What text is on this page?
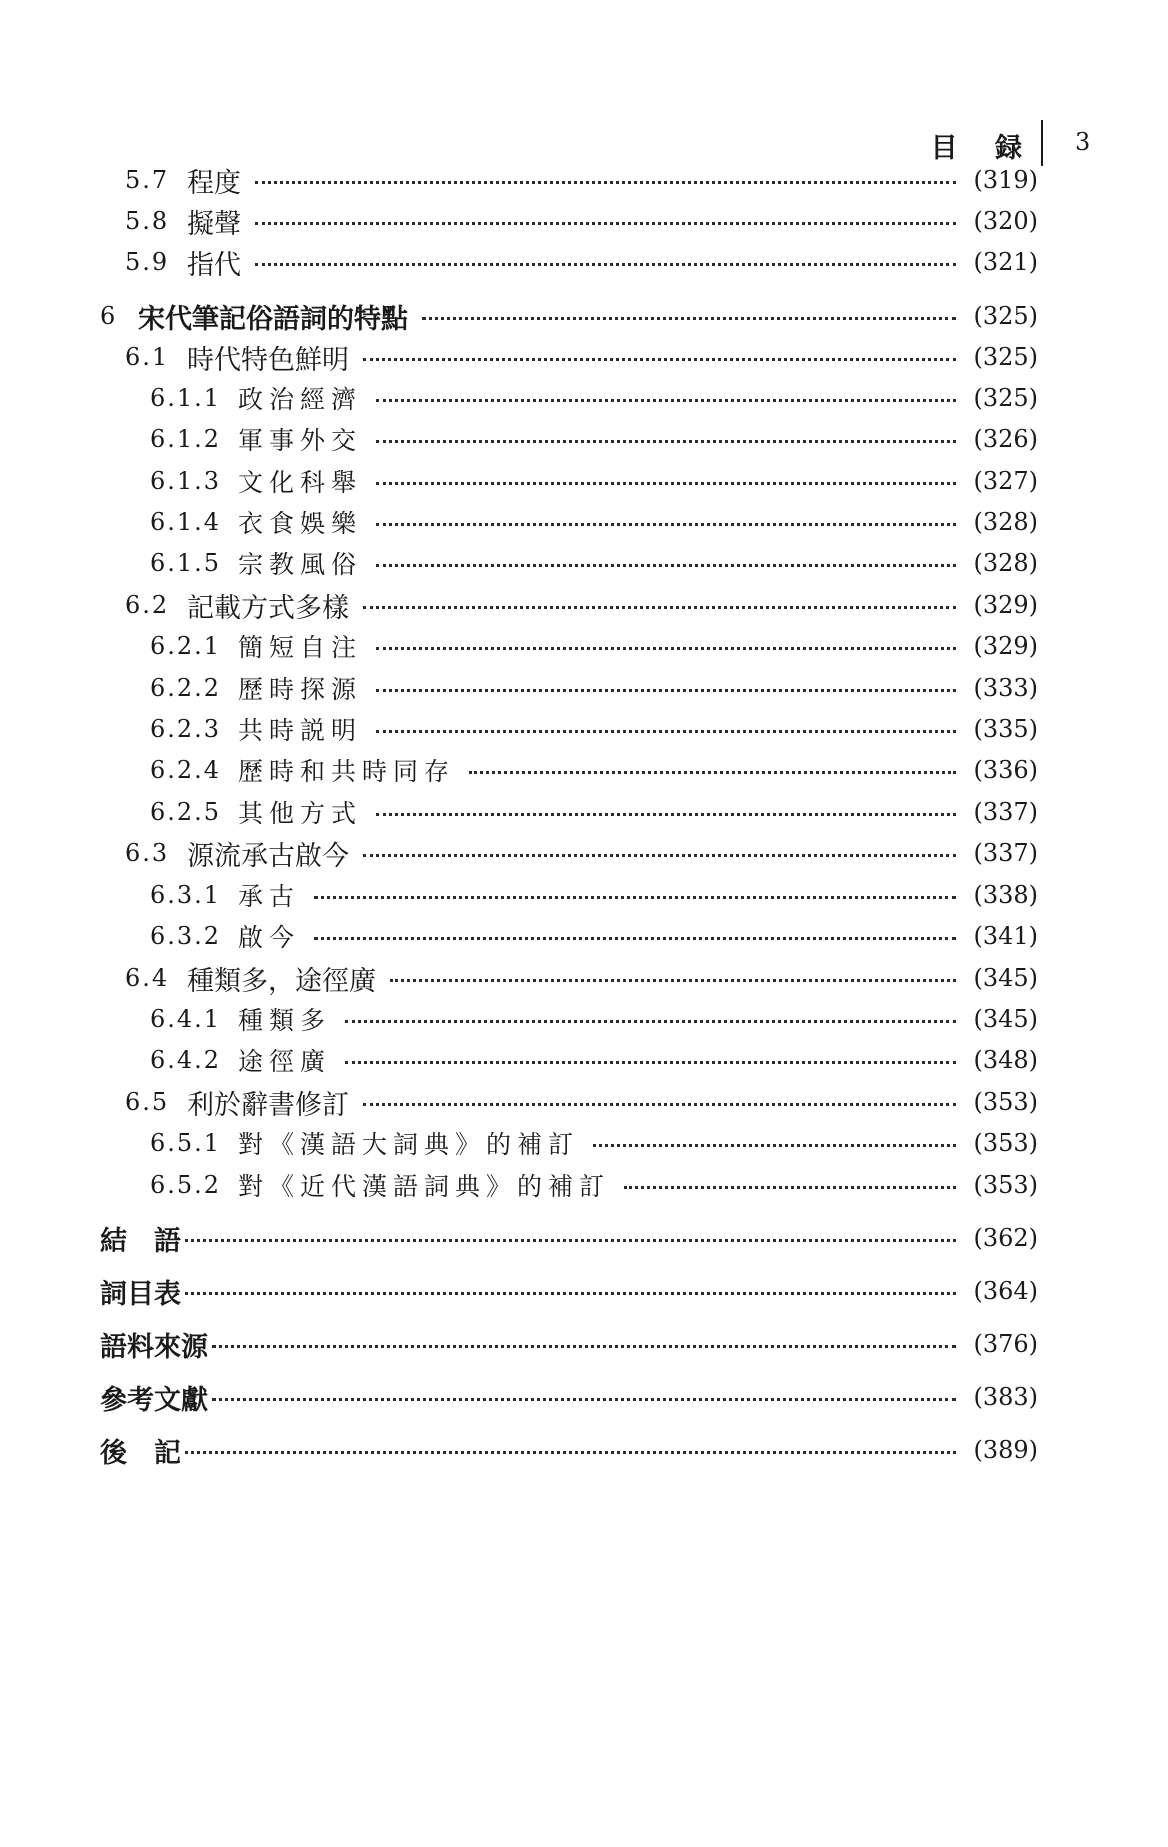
目 録 3
5.7 程度	(319)
5.8 擬聲	(320)
5.9 指代	(321)
6 宋代筆記俗語詞的特點	(325)
6.1 時代特色鮮明	(325)
6.1.1 政治經濟	(325)
6.1.2 軍事外交	(326)
6.1.3 文化科舉	(327)
6.1.4 衣食娛樂	(328)
6.1.5 宗教風俗	(328)
6.2 記載方式多樣	(329)
6.2.1 簡短自注	(329)
6.2.2 歷時探源	(333)
6.2.3 共時説明	(335)
6.2.4 歷時和共時同存	(336)
6.2.5 其他方式	(337)
6.3 源流承古啟今	(337)
6.3.1 承古	(338)
6.3.2 啟今	(341)
6.4 種類多，途徑廣	(345)
6.4.1 種類多	(345)
6.4.2 途徑廣	(348)
6.5 利於辭書修訂	(353)
6.5.1 對《漢語大詞典》的補訂	(353)
6.5.2 對《近代漢語詞典》的補訂	(353)
結　語	(362)
詞目表	(364)
語料來源	(376)
參考文獻	(383)
後　記	(389)
